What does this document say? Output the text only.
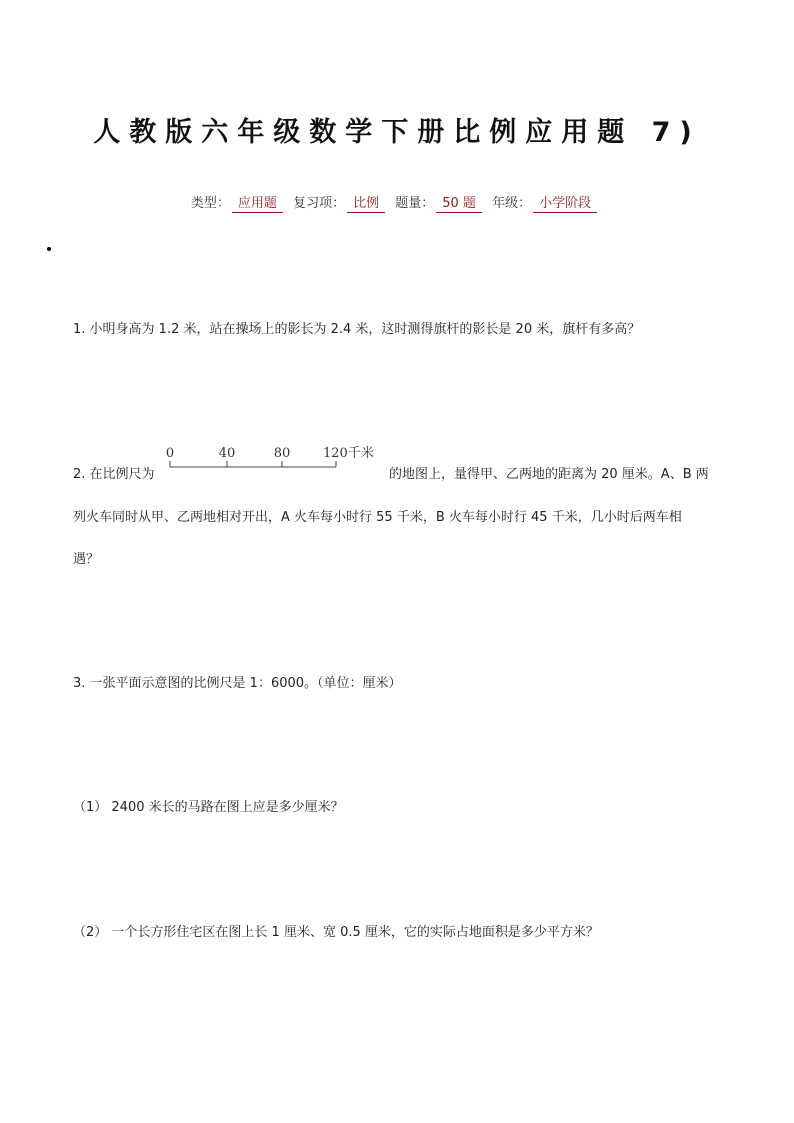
人教版六年级数学下册比例应用题 7)
类型： 应用题 复习项： 比例 题量： 50 题 年级： 小学阶段
1. 小明身高为 1.2 米，站在操场上的影长为 2.4 米，这时测得旗杆的影长是 20 米，旗杆有多高？
2. 在比例尺为
0	40	80	120千米
的地图上，量得甲、乙两地的距离为 20 厘米。A、B 两
列火车同时从甲、乙两地相对开出，A 火车每小时行 55 千米，B 火车每小时行 45 千米，几小时后两车相
遇？
3. 一张平面示意图的比例尺是 1：6000。（单位：厘米）
（1） 2400 米长的马路在图上应是多少厘米？
（2） 一个长方形住宅区在图上长 1 厘米、宽 0.5 厘米，它的实际占地面积是多少平方米？
